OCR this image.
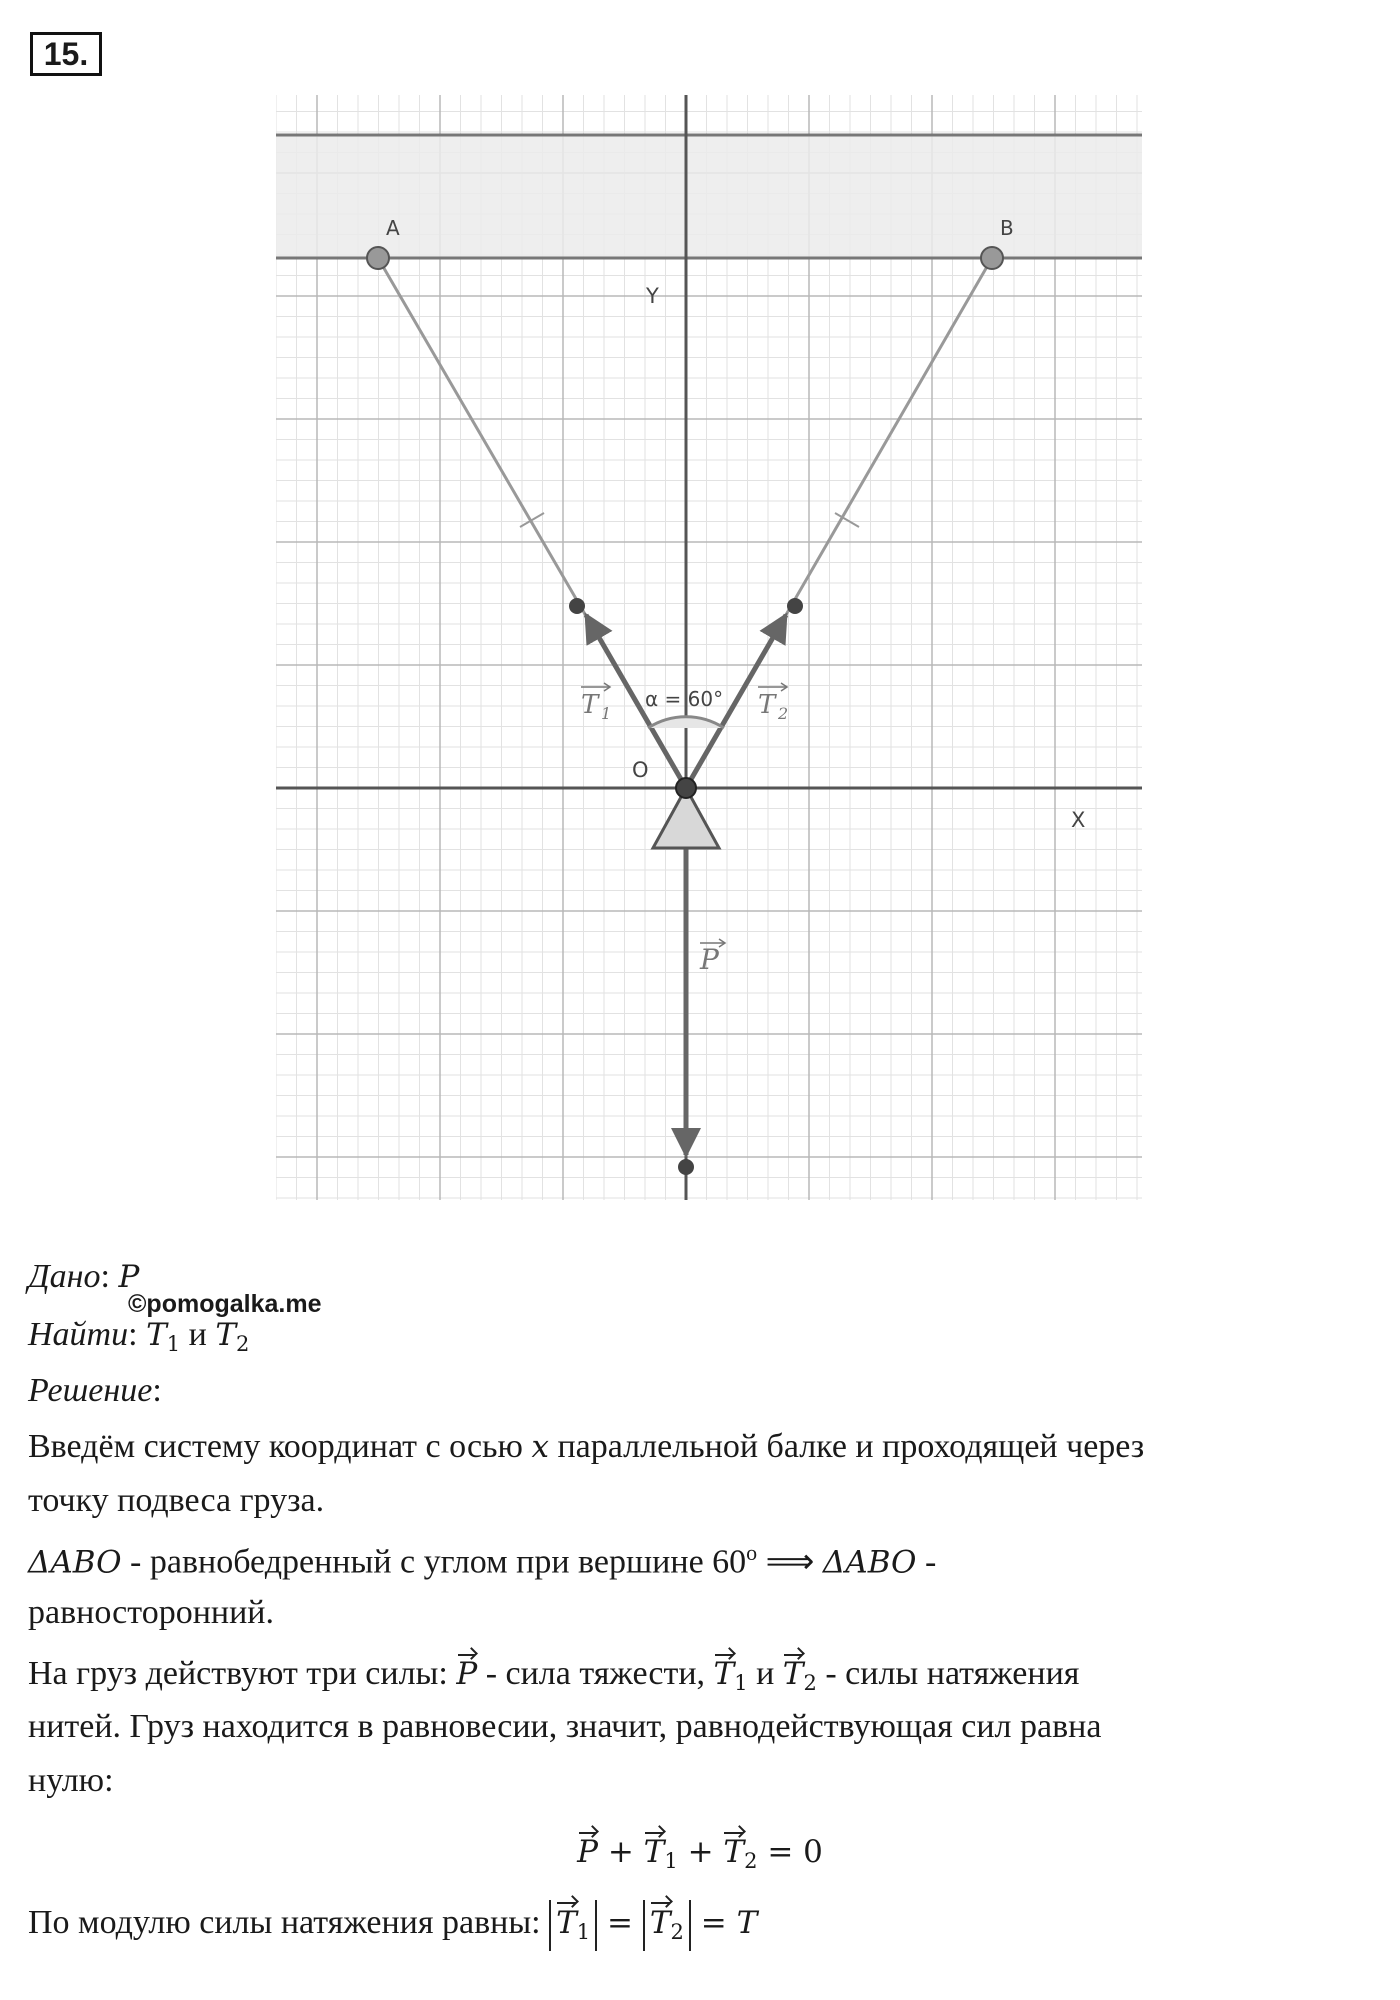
15.
A	B
O
Y
X
α = 60°
T 1	T 2
P
Дано: P
©pomogalka.me
Найти: $T_1$ и $T_2$
Решение:
Введём систему координат с осью x параллельной балке и проходящей через
точку подвеса груза.
ΔABO - равнобедренный с углом при вершине 60$^o$ ⟹ ΔABO -
равносторонний.
На груз действуют три силы: P - сила тяжести, $T_1$ и $T_2$ - силы натяжения
нитей. Груз находится в равновесии, значит, равнодействующая сил равна
нулю:
$P + T_1 + T_2 = 0$
По модулю силы натяжения равны: $T_1 = T_2 = T$
